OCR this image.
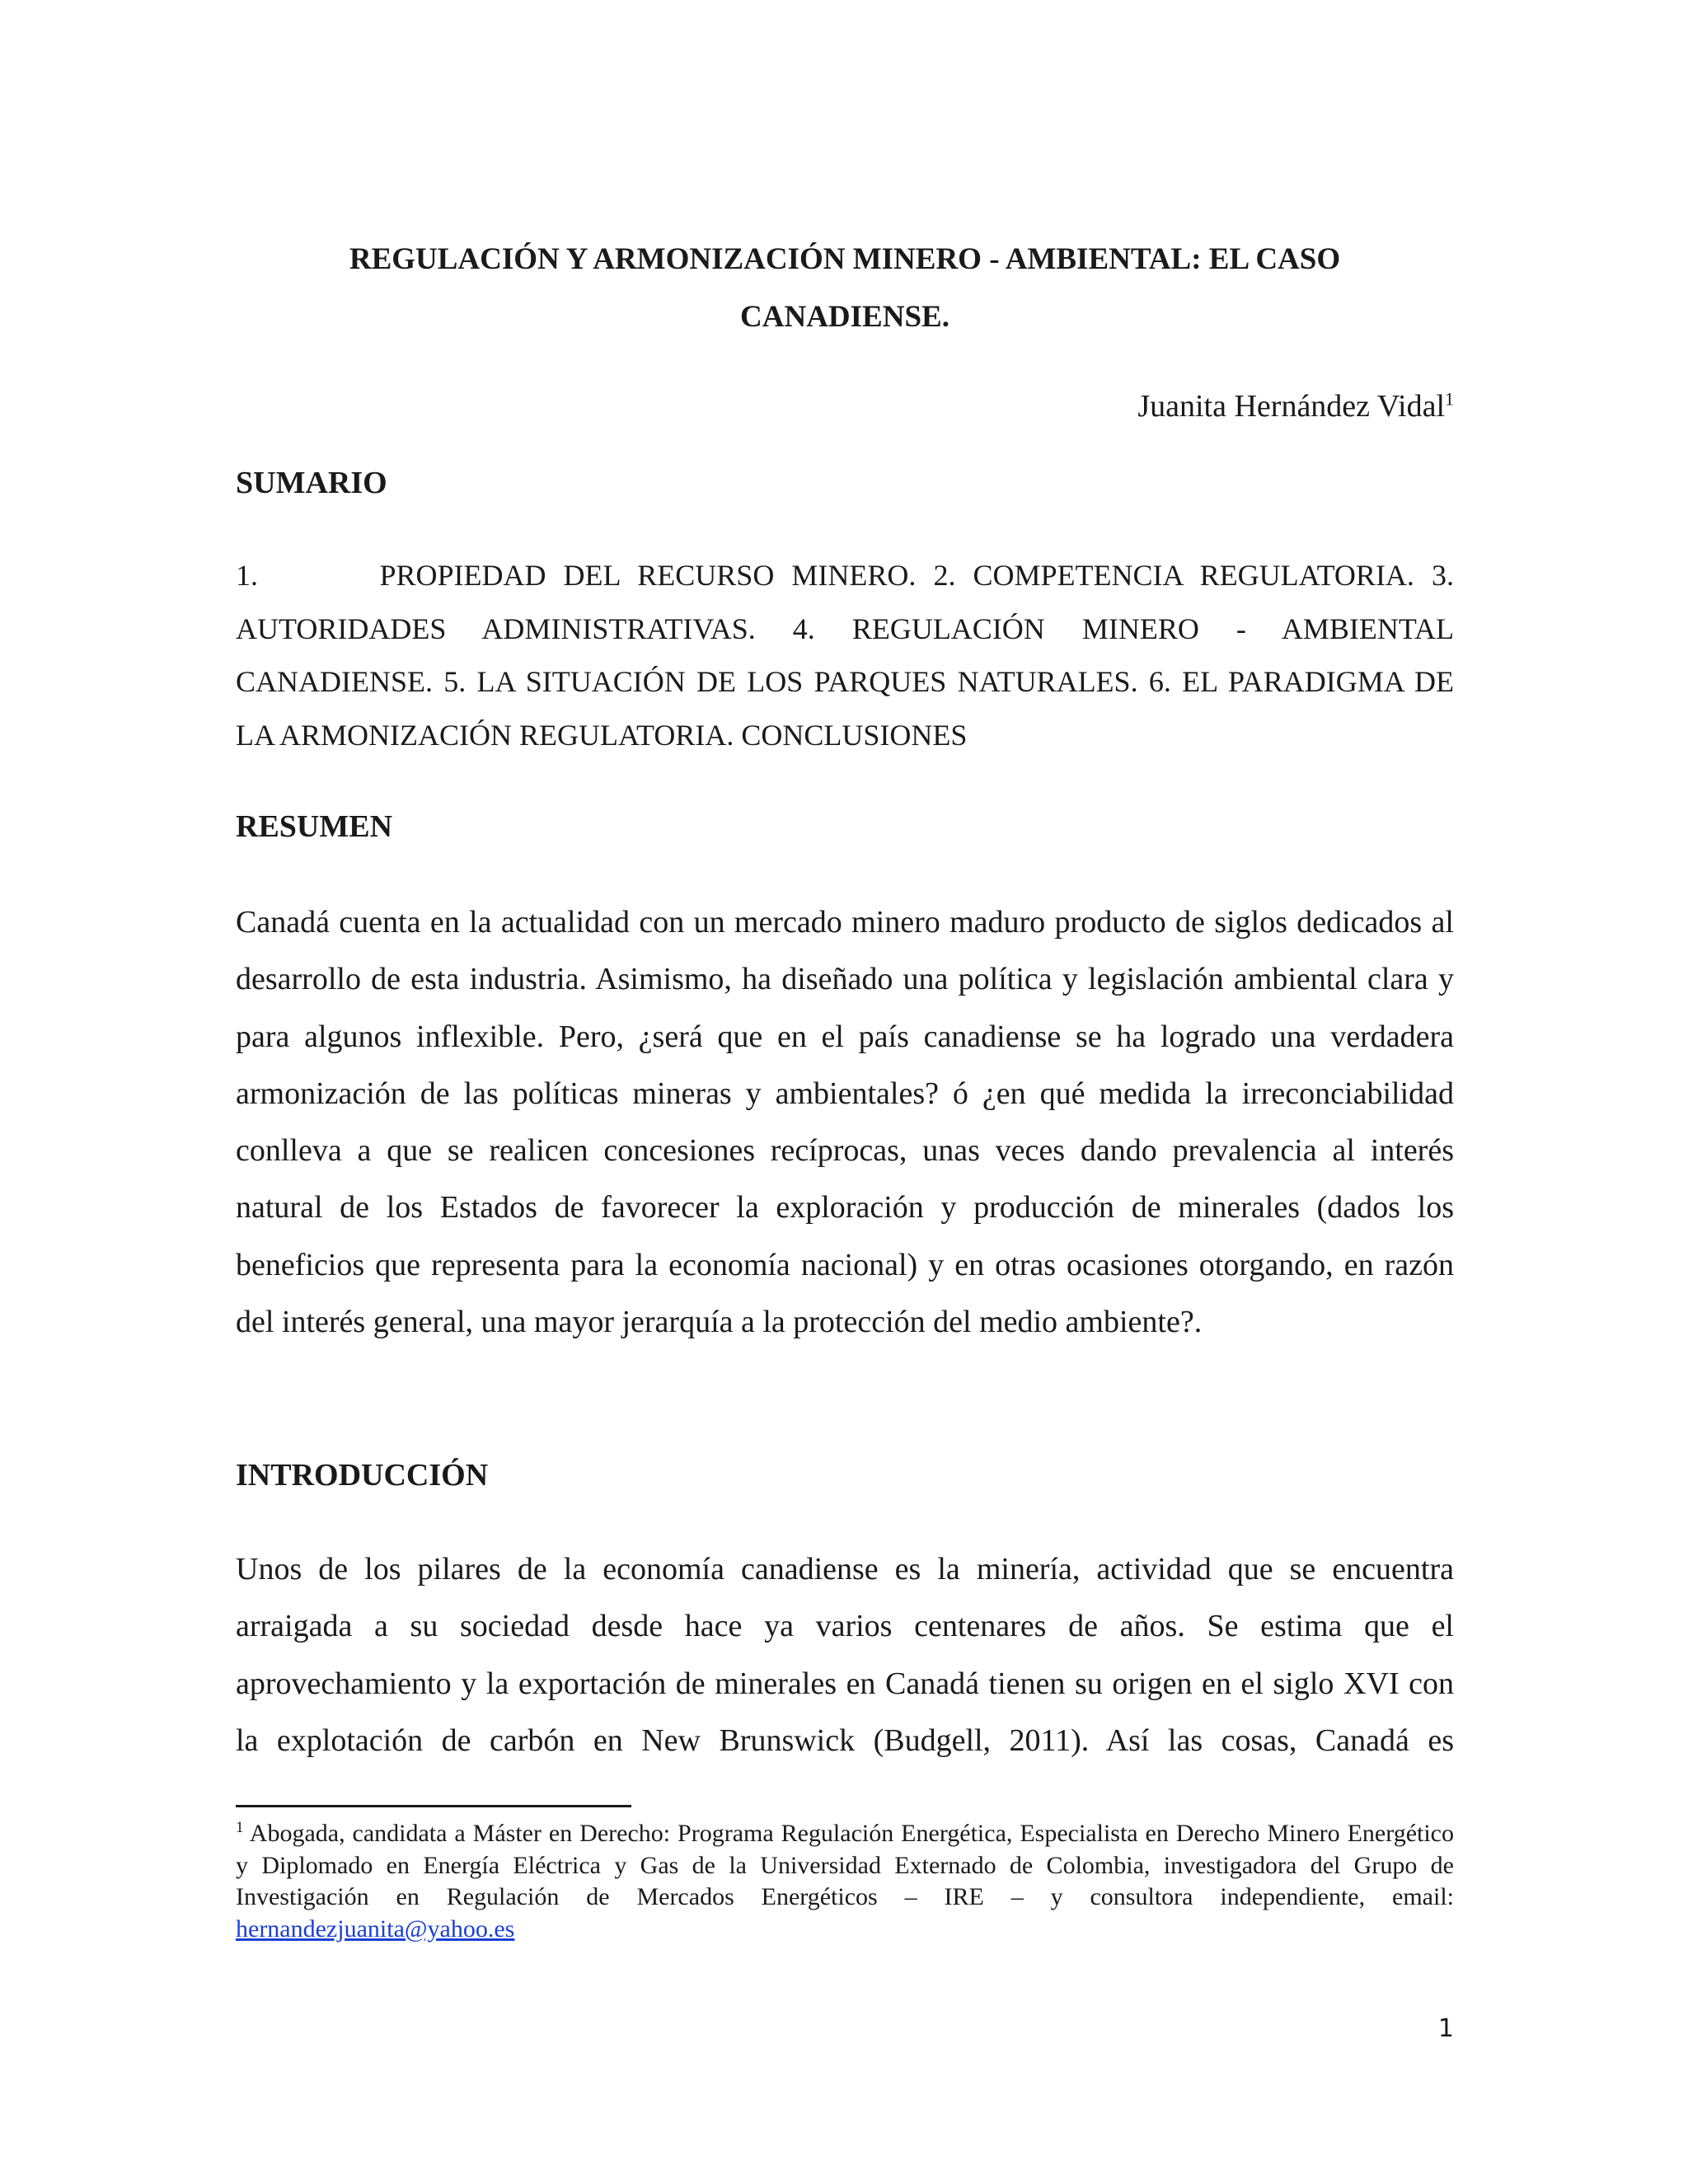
REGULACIÓN Y ARMONIZACIÓN MINERO - AMBIENTAL: EL CASO
CANADIENSE.
Juanita Hernández Vidal$^1$
SUMARIO
1.       PROPIEDAD DEL RECURSO MINERO. 2. COMPETENCIA REGULATORIA. 3. AUTORIDADES ADMINISTRATIVAS. 4. REGULACIÓN MINERO - AMBIENTAL CANADIENSE. 5. LA SITUACIÓN DE LOS PARQUES NATURALES. 6. EL PARADIGMA DE LA ARMONIZACIÓN REGULATORIA. CONCLUSIONES
RESUMEN
Canadá cuenta en la actualidad con un mercado minero maduro producto de siglos dedicados al desarrollo de esta industria. Asimismo, ha diseñado una política y legislación ambiental clara y para algunos inflexible. Pero, ¿será que en el país canadiense se ha logrado una verdadera armonización de las políticas mineras y ambientales? ó ¿en qué medida la irreconciabilidad conlleva a que se realicen concesiones recíprocas, unas veces dando prevalencia al interés natural de los Estados de favorecer la exploración y producción de minerales (dados los beneficios que representa para la economía nacional) y en otras ocasiones otorgando, en razón del interés general, una mayor jerarquía a la protección del medio ambiente?.
INTRODUCCIÓN
Unos de los pilares de la economía canadiense es la minería, actividad que se encuentra arraigada a su sociedad desde hace ya varios centenares de años. Se estima que el aprovechamiento y la exportación de minerales en Canadá tienen su origen en el siglo XVI con la explotación de carbón en New Brunswick (Budgell, 2011). Así las cosas, Canadá es
$^1$ Abogada, candidata a Máster en Derecho: Programa Regulación Energética, Especialista en Derecho Minero Energético y Diplomado en Energía Eléctrica y Gas de la Universidad Externado de Colombia, investigadora del Grupo de Investigación en Regulación de Mercados Energéticos – IRE – y consultora independiente, email: hernandezjuanita@yahoo.es
1
